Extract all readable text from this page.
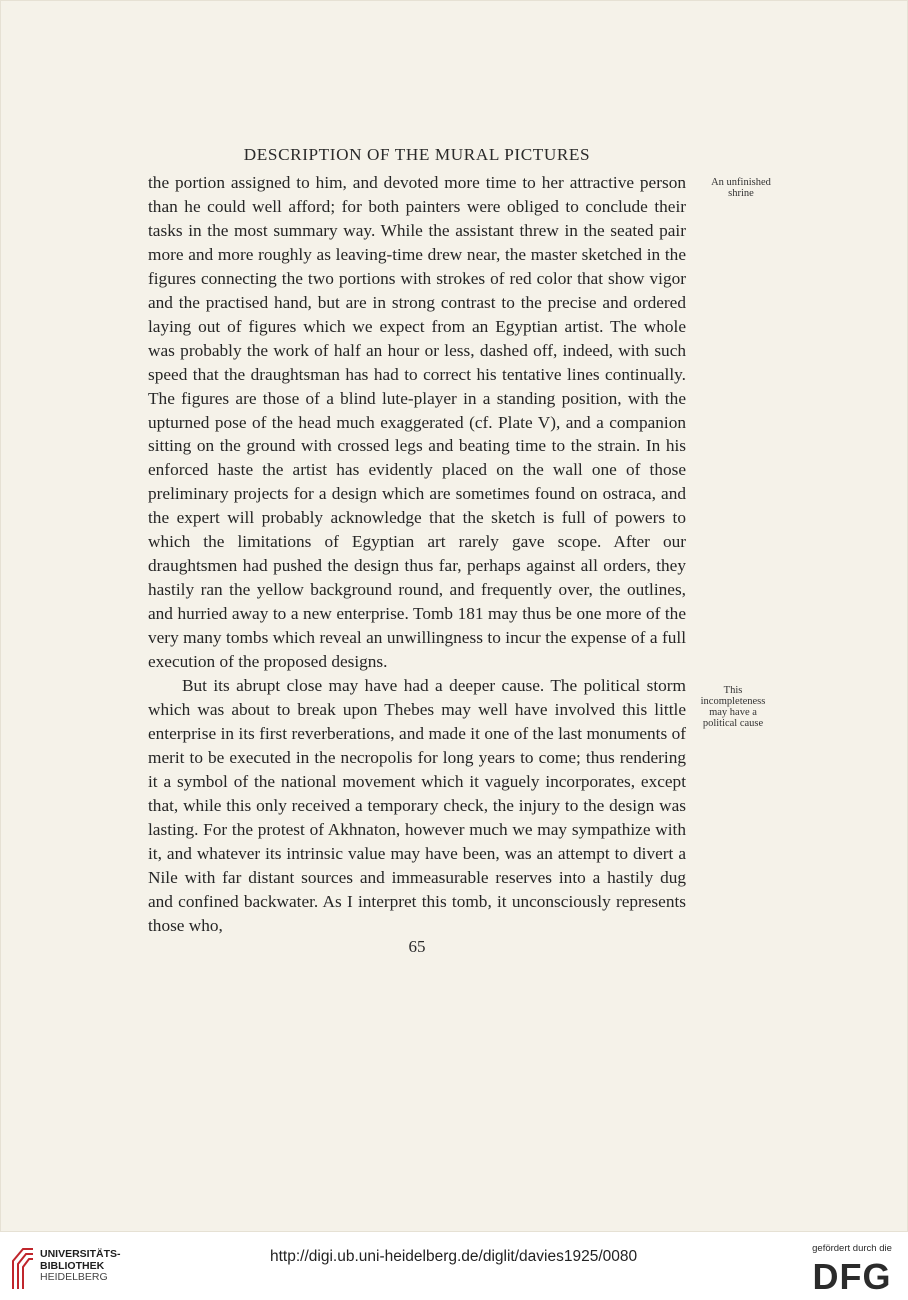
DESCRIPTION OF THE MURAL PICTURES

the portion assigned to him, and devoted more time to her attractive person than he could well afford; for both painters were obliged to conclude their tasks in the most summary way. While the assistant threw in the seated pair more and more roughly as leaving-time drew near, the master sketched in the figures connecting the two portions with strokes of red color that show vigor and the practised hand, but are in strong contrast to the precise and ordered laying out of figures which we expect from an Egyptian artist. The whole was probably the work of half an hour or less, dashed off, indeed, with such speed that the draughtsman has had to correct his tentative lines continually. The figures are those of a blind lute-player in a standing position, with the upturned pose of the head much exaggerated (cf. Plate V), and a companion sitting on the ground with crossed legs and beating time to the strain. In his enforced haste the artist has evidently placed on the wall one of those preliminary projects for a design which are sometimes found on ostraca, and the expert will probably acknowledge that the sketch is full of powers to which the limitations of Egyptian art rarely gave scope. After our draughtsmen had pushed the design thus far, perhaps against all orders, they hastily ran the yellow background round, and frequently over, the outlines, and hurried away to a new enterprise. Tomb 181 may thus be one more of the very many tombs which reveal an unwillingness to incur the expense of a full execution of the proposed designs.

But its abrupt close may have had a deeper cause. The political storm which was about to break upon Thebes may well have involved this little enterprise in its first reverberations, and made it one of the last monuments of merit to be executed in the necropolis for long years to come; thus rendering it a symbol of the national movement which it vaguely incorporates, except that, while this only received a temporary check, the injury to the design was lasting. For the protest of Akhnaton, however much we may sympathize with it, and whatever its intrinsic value may have been, was an attempt to divert a Nile with far distant sources and immeasurable reserves into a hastily dug and confined backwater. As I interpret this tomb, it unconsciously represents those who,

An unfinished shrine
This incompleteness may have a political cause
65
UNIVERSITÄTS-
BIBLIOTHEK
HEIDELBERG
http://digi.ub.uni-heidelberg.de/diglit/davies1925/0080	gefördert durch die
DFG
